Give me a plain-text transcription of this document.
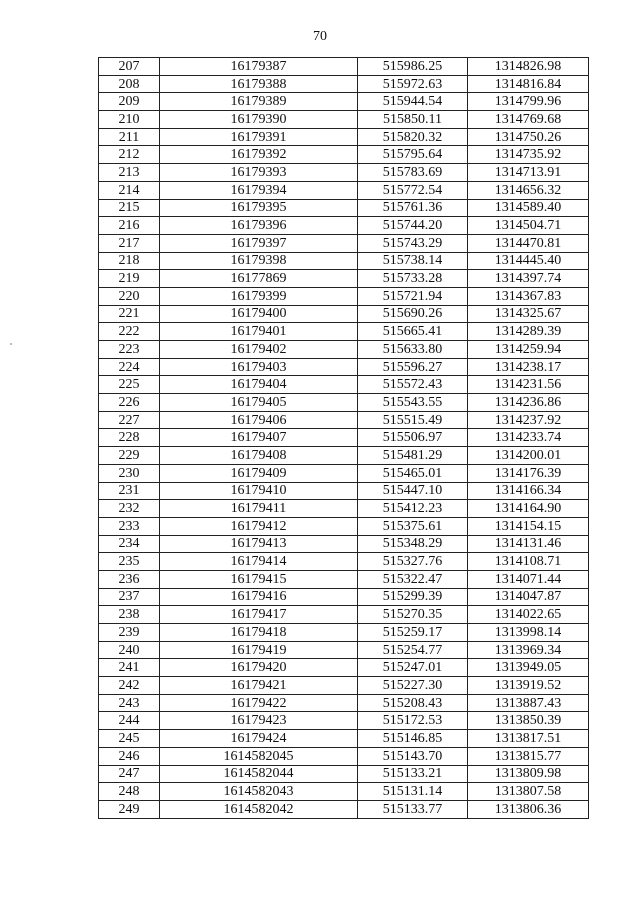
70
207	16179387	515986.25	1314826.98
208	16179388	515972.63	1314816.84
209	16179389	515944.54	1314799.96
210	16179390	515850.11	1314769.68
211	16179391	515820.32	1314750.26
212	16179392	515795.64	1314735.92
213	16179393	515783.69	1314713.91
214	16179394	515772.54	1314656.32
215	16179395	515761.36	1314589.40
216	16179396	515744.20	1314504.71
217	16179397	515743.29	1314470.81
218	16179398	515738.14	1314445.40
219	16177869	515733.28	1314397.74
220	16179399	515721.94	1314367.83
221	16179400	515690.26	1314325.67
222	16179401	515665.41	1314289.39
223	16179402	515633.80	1314259.94
224	16179403	515596.27	1314238.17
225	16179404	515572.43	1314231.56
226	16179405	515543.55	1314236.86
227	16179406	515515.49	1314237.92
228	16179407	515506.97	1314233.74
229	16179408	515481.29	1314200.01
230	16179409	515465.01	1314176.39
231	16179410	515447.10	1314166.34
232	16179411	515412.23	1314164.90
233	16179412	515375.61	1314154.15
234	16179413	515348.29	1314131.46
235	16179414	515327.76	1314108.71
236	16179415	515322.47	1314071.44
237	16179416	515299.39	1314047.87
238	16179417	515270.35	1314022.65
239	16179418	515259.17	1313998.14
240	16179419	515254.77	1313969.34
241	16179420	515247.01	1313949.05
242	16179421	515227.30	1313919.52
243	16179422	515208.43	1313887.43
244	16179423	515172.53	1313850.39
245	16179424	515146.85	1313817.51
246	1614582045	515143.70	1313815.77
247	1614582044	515133.21	1313809.98
248	1614582043	515131.14	1313807.58
249	1614582042	515133.77	1313806.36
